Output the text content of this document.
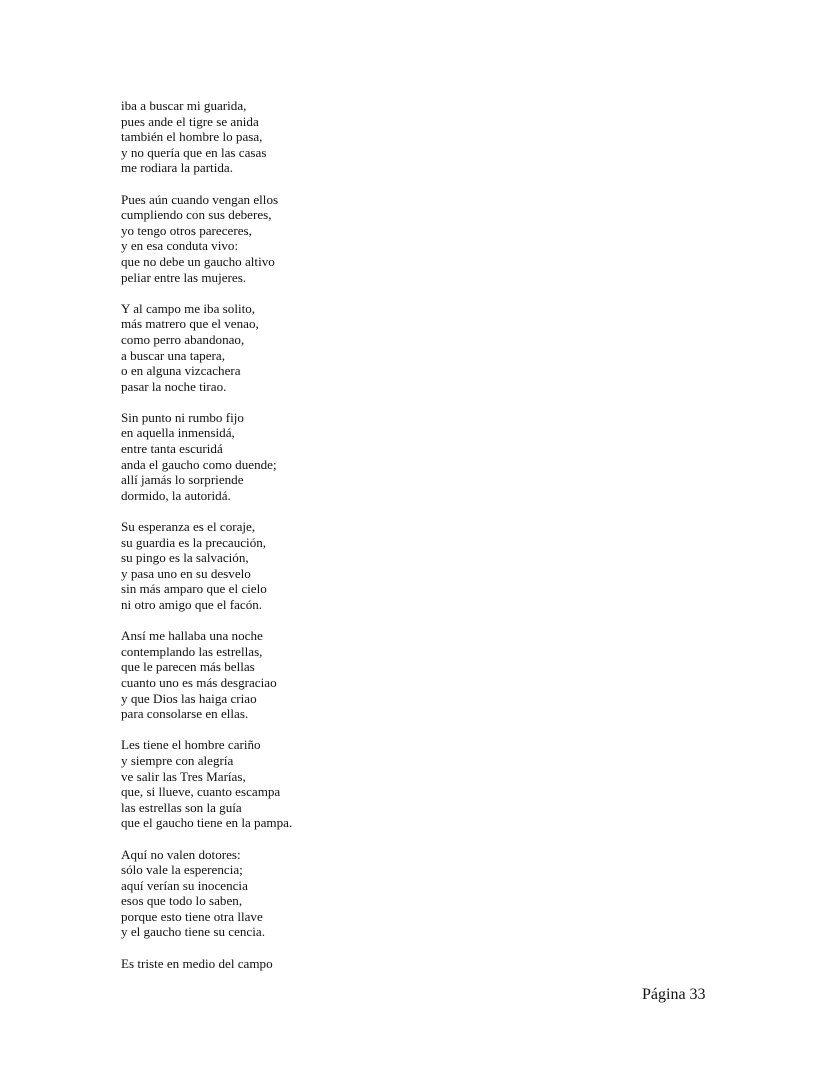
iba a buscar mi guarida,
pues ande el tigre se anida
también el hombre lo pasa,
y no quería que en las casas
me rodiara la partida.
Pues aún cuando vengan ellos
cumpliendo con sus deberes,
yo tengo otros pareceres,
y en esa conduta vivo:
que no debe un gaucho altivo
peliar entre las mujeres.
Y al campo me iba solito,
más matrero que el venao,
como perro abandonao,
a buscar una tapera,
o en alguna vizcachera
pasar la noche tirao.
Sin punto ni rumbo fijo
en aquella inmensidá,
entre tanta escuridá
anda el gaucho como duende;
allí jamás lo sorpriende
dormido, la autoridá.
Su esperanza es el coraje,
su guardia es la precaución,
su pingo es la salvación,
y pasa uno en su desvelo
sin más amparo que el cielo
ni otro amigo que el facón.
Ansí me hallaba una noche
contemplando las estrellas,
que le parecen más bellas
cuanto uno es más desgraciao
y que Dios las haiga criao
para consolarse en ellas.
Les tiene el hombre cariño
y siempre con alegría
ve salir las Tres Marías,
que, si llueve, cuanto escampa
las estrellas son la guía
que el gaucho tiene en la pampa.
Aquí no valen dotores:
sólo vale la esperencia;
aquí verían su inocencia
esos que todo lo saben,
porque esto tiene otra llave
y el gaucho tiene su cencia.
Es triste en medio del campo
Página 33
